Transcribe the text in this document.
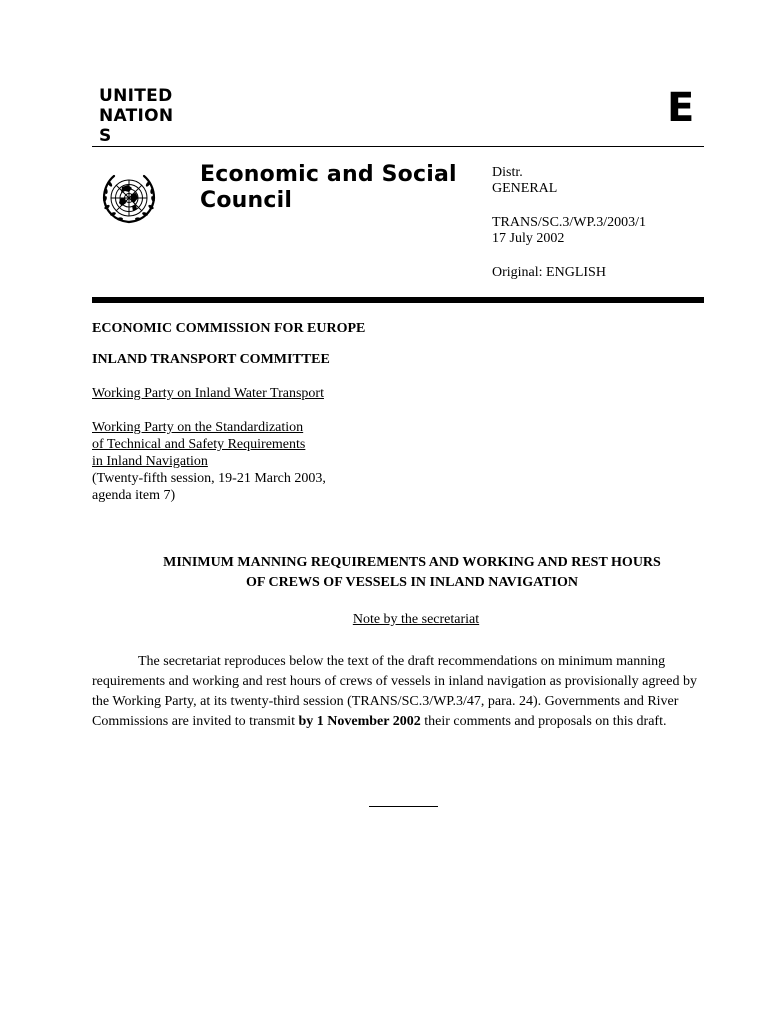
UNITED
NATION
S
E
Economic and Social
Council
Distr.
GENERAL
TRANS/SC.3/WP.3/2003/1
17 July 2002
Original: ENGLISH
ECONOMIC COMMISSION FOR EUROPE
INLAND TRANSPORT COMMITTEE
Working Party on Inland Water Transport
Working Party on the Standardization
of Technical and Safety Requirements
in Inland Navigation
(Twenty-fifth session, 19-21 March 2003,
agenda item 7)
MINIMUM MANNING REQUIREMENTS AND WORKING AND REST HOURS
OF CREWS OF VESSELS IN INLAND NAVIGATION
Note by the secretariat
The secretariat reproduces below the text of the draft recommendations on minimum manning requirements and working and rest hours of crews of vessels in inland navigation as provisionally agreed by the Working Party, at its twenty-third session (TRANS/SC.3/WP.3/47, para. 24). Governments and River Commissions are invited to transmit by 1 November 2002 their comments and proposals on this draft.
